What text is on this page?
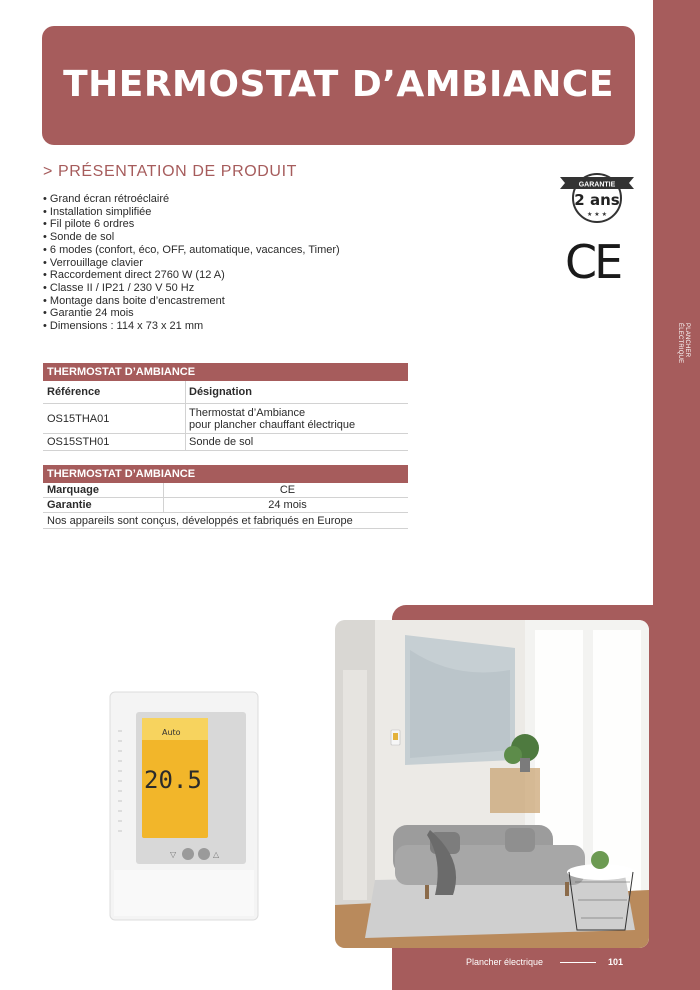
PLANCHER
ÉLECTRIQUE
THERMOSTAT D’AMBIANCE
> PRÉSENTATION DE PRODUIT
• Grand écran rétroéclairé
• Installation simplifiée
• Fil pilote 6 ordres
• Sonde de sol
• 6 modes (confort, éco, OFF, automatique, vacances, Timer)
• Verrouillage clavier
• Raccordement direct 2760 W (12 A)
• Classe II / IP21 / 230 V 50 Hz
• Montage dans boite d’encastrement
• Garantie 24 mois
• Dimensions : 114 x 73 x 21 mm
GARANTIE
2 ans
★ ★ ★
CE
THERMOSTAT D’AMBIANCE
Référence	Désignation
OS15THA01	Thermostat d’Ambiance
pour plancher chauffant électrique
OS15STH01	Sonde de sol
THERMOSTAT D’AMBIANCE
Marquage	CE
Garantie	24 mois
Nos appareils sont conçus, développés et fabriqués en Europe
Auto
20.5
▽	△
Plancher électrique	101
